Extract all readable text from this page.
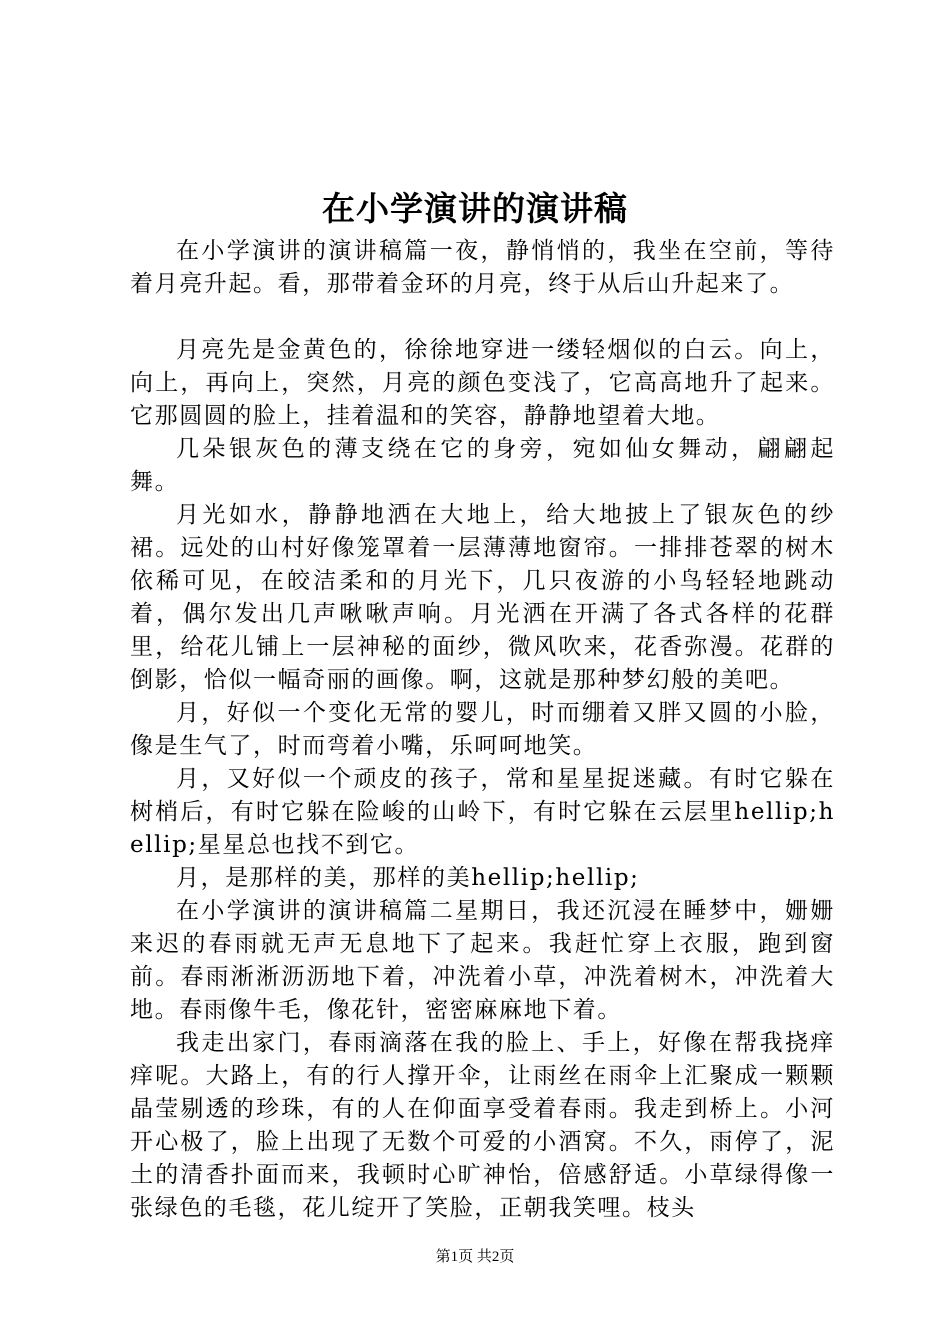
在小学演讲的演讲稿

在小学演讲的演讲稿篇一夜，静悄悄的，我坐在空前，等待着月亮升起。看，那带着金环的月亮，终于从后山升起来了。

月亮先是金黄色的，徐徐地穿进一缕轻烟似的白云。向上，向上，再向上，突然，月亮的颜色变浅了，它高高地升了起来。它那圆圆的脸上，挂着温和的笑容，静静地望着大地。

几朵银灰色的薄支绕在它的身旁，宛如仙女舞动，翩翩起舞。

月光如水，静静地洒在大地上，给大地披上了银灰色的纱裙。远处的山村好像笼罩着一层薄薄地窗帘。一排排苍翠的树木依稀可见，在皎洁柔和的月光下，几只夜游的小鸟轻轻地跳动着，偶尔发出几声啾啾声响。月光洒在开满了各式各样的花群里，给花儿铺上一层神秘的面纱，微风吹来，花香弥漫。花群的倒影，恰似一幅奇丽的画像。啊，这就是那种梦幻般的美吧。

月，好似一个变化无常的婴儿，时而绷着又胖又圆的小脸，像是生气了，时而弯着小嘴，乐呵呵地笑。

月，又好似一个顽皮的孩子，常和星星捉迷藏。有时它躲在树梢后，有时它躲在险峻的山岭下，有时它躲在云层里hellip;hellip;星星总也找不到它。

月，是那样的美，那样的美hellip;hellip;

在小学演讲的演讲稿篇二星期日，我还沉浸在睡梦中，姗姗来迟的春雨就无声无息地下了起来。我赶忙穿上衣服，跑到窗前。春雨淅淅沥沥地下着，冲洗着小草，冲洗着树木，冲洗着大地。春雨像牛毛，像花针，密密麻麻地下着。

我走出家门，春雨滴落在我的脸上、手上，好像在帮我挠痒痒呢。大路上，有的行人撑开伞，让雨丝在雨伞上汇聚成一颗颗晶莹剔透的珍珠，有的人在仰面享受着春雨。我走到桥上。小河开心极了，脸上出现了无数个可爱的小酒窝。不久，雨停了，泥土的清香扑面而来，我顿时心旷神怡，倍感舒适。小草绿得像一张绿色的毛毯，花儿绽开了笑脸，正朝我笑哩。枝头

第1页 共2页
